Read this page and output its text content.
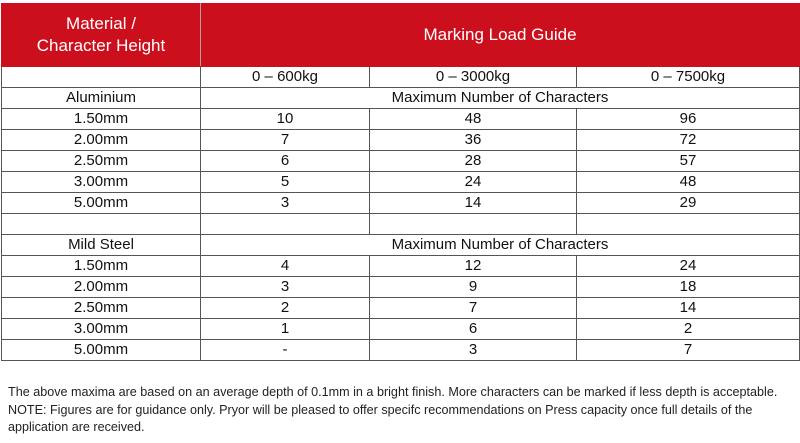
Material /
Character Height	Marking Load Guide		
	0 – 600kg	0 – 3000kg	0 – 7500kg
Aluminium	Maximum Number of Characters		
1.50mm	10	48	96
2.00mm	7	36	72
2.50mm	6	28	57
3.00mm	5	24	48
5.00mm	3	14	29

Mild Steel	Maximum Number of Characters		
1.50mm	4	12	24
2.00mm	3	9	18
2.50mm	2	7	14
3.00mm	1	6	2
5.00mm	-	3	7
The above maxima are based on an average depth of 0.1mm in a bright finish. More characters can be marked if less depth is acceptable. NOTE: Figures are for guidance only. Pryor will be pleased to offer specifc recommendations on Press capacity once full details of the application are received.
